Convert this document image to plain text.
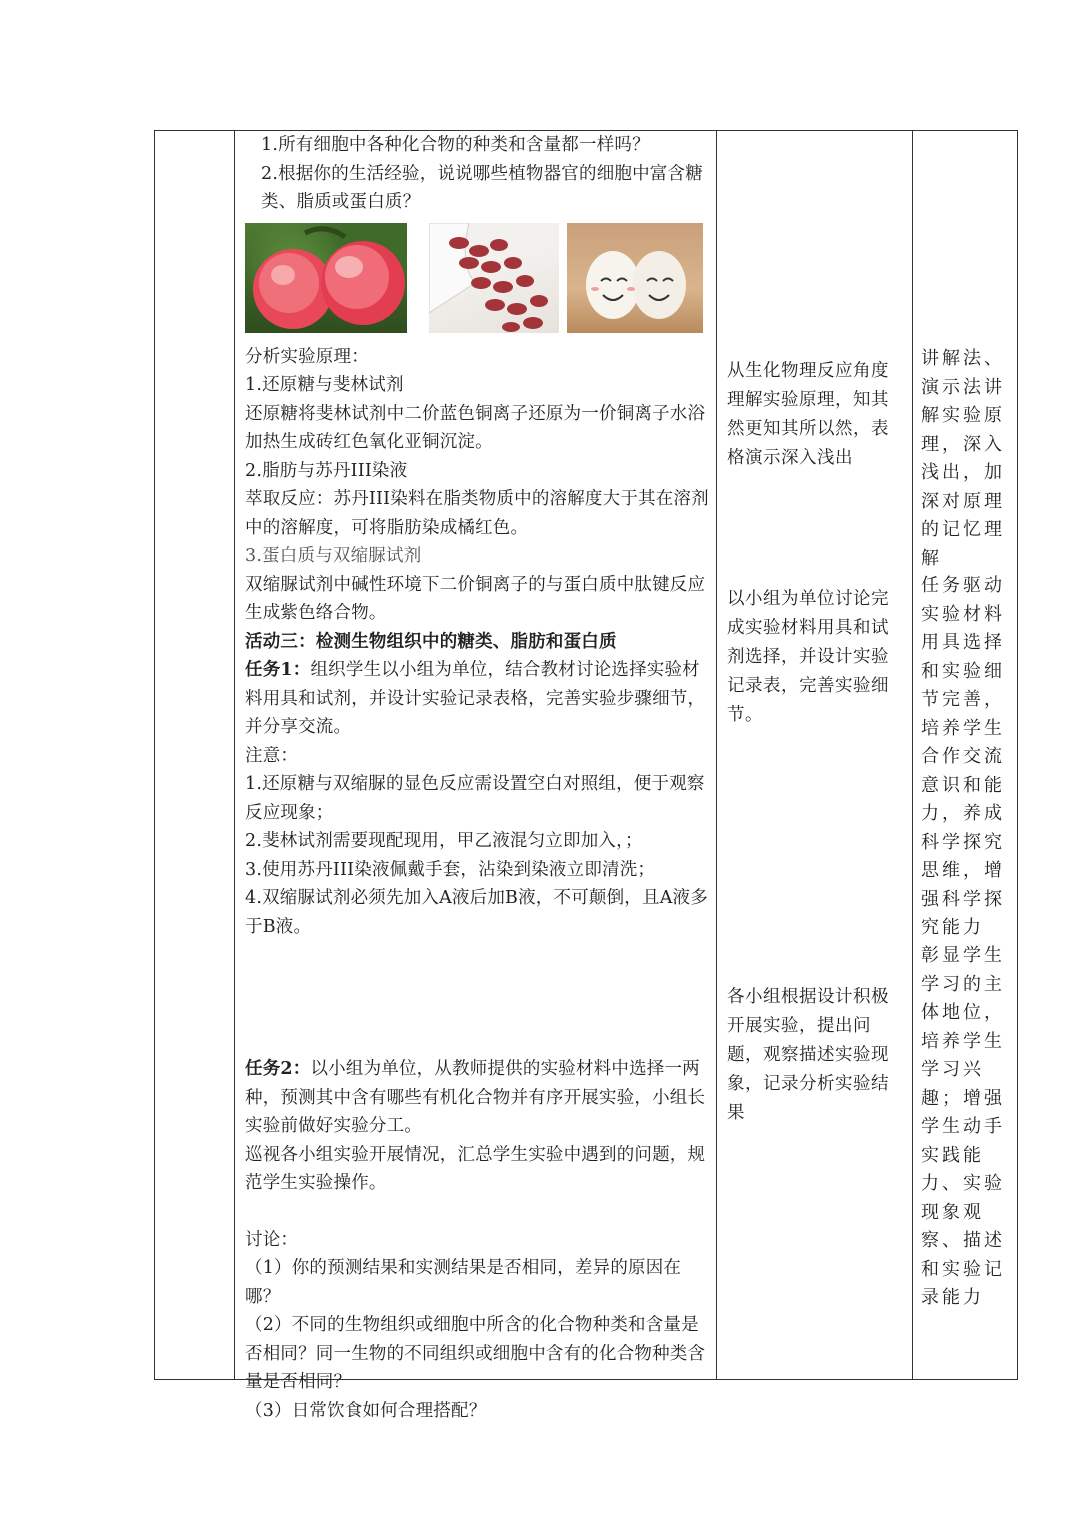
1.所有细胞中各种化合物的种类和含量都一样吗？

2.根据你的生活经验，说说哪些植物器官的细胞中富含糖类、脂质或蛋白质？

分析实验原理：

1.还原糖与斐林试剂

还原糖将斐林试剂中二价蓝色铜离子还原为一价铜离子水浴加热生成砖红色氧化亚铜沉淀。

2.脂肪与苏丹III染液

萃取反应：苏丹III染料在脂类物质中的溶解度大于其在溶剂中的溶解度，可将脂肪染成橘红色。

3.蛋白质与双缩脲试剂

双缩脲试剂中碱性环境下二价铜离子的与蛋白质中肽键反应生成紫色络合物。

活动三：检测生物组织中的糖类、脂肪和蛋白质

任务1：组织学生以小组为单位，结合教材讨论选择实验材料用具和试剂，并设计实验记录表格，完善实验步骤细节，并分享交流。

注意：

1.还原糖与双缩脲的显色反应需设置空白对照组，便于观察反应现象；

2.斐林试剂需要现配现用，甲乙液混匀立即加入，；

3.使用苏丹III染液佩戴手套，沾染到染液立即清洗；

4.双缩脲试剂必须先加入A液后加B液，不可颠倒，且A液多于B液。

任务2：以小组为单位，从教师提供的实验材料中选择一两种，预测其中含有哪些有机化合物并有序开展实验，小组长实验前做好实验分工。

巡视各小组实验开展情况，汇总学生实验中遇到的问题，规范学生实验操作。

讨论：

（1）你的预测结果和实测结果是否相同，差异的原因在哪？

（2）不同的生物组织或细胞中所含的化合物种类和含量是否相同？同一生物的不同组织或细胞中含有的化合物种类含量是否相同？

（3）日常饮食如何合理搭配？

从生化物理反应角度理解实验原理，知其然更知其所以然，表格演示深入浅出

以小组为单位讨论完成实验材料用具和试剂选择，并设计实验记录表，完善实验细节。

各小组根据设计积极开展实验，提出问题，观察描述实验现象，记录分析实验结果

讲解法、演示法讲解实验原理，深入浅出，加深对原理的记忆理解

任务驱动实验材料用具选择和实验细节完善，培养学生合作交流意识和能力，养成科学探究思维，增强科学探究能力

彰显学生学习的主体地位，培养学生学习兴趣；增强学生动手实践能力、实验现象观察、描述和实验记录能力
